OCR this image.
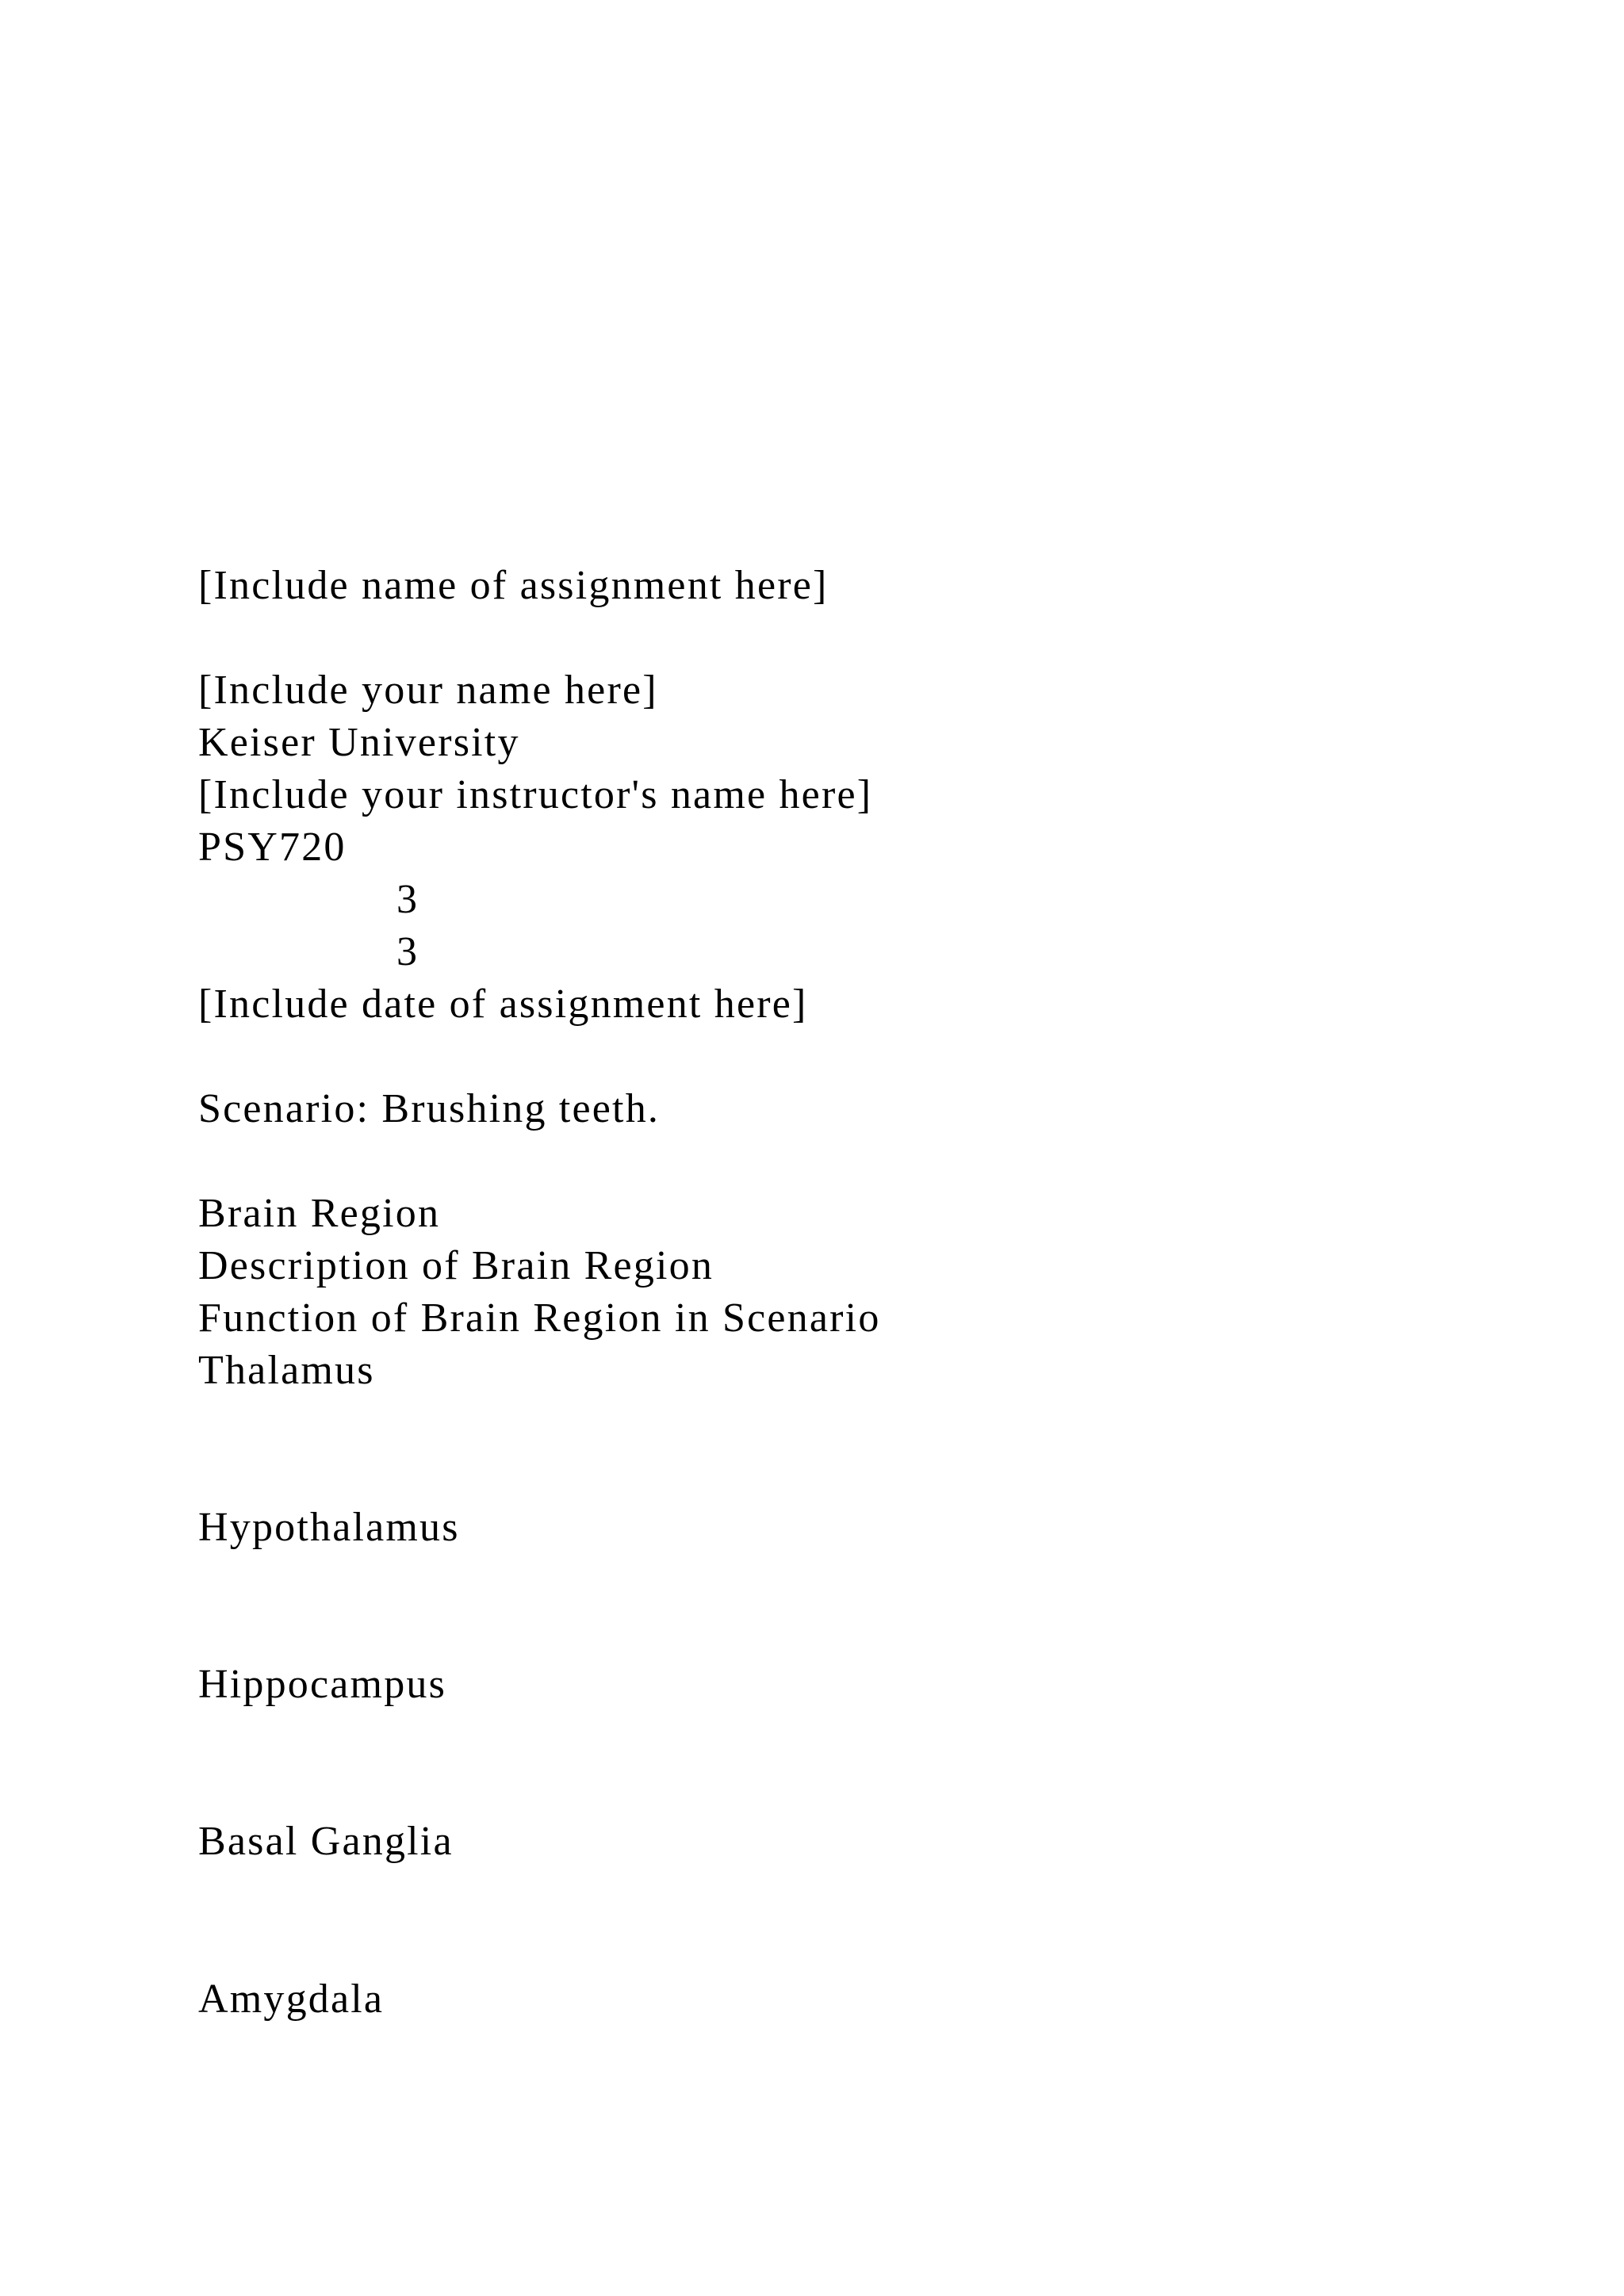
[Include name of assignment here]
[Include your name here]
Keiser University
[Include your instructor's name here]
PSY720
3
3
[Include date of assignment here]
Scenario: Brushing teeth.
Brain Region
Description of Brain Region
Function of Brain Region in Scenario
Thalamus
Hypothalamus
Hippocampus
Basal Ganglia
Amygdala
